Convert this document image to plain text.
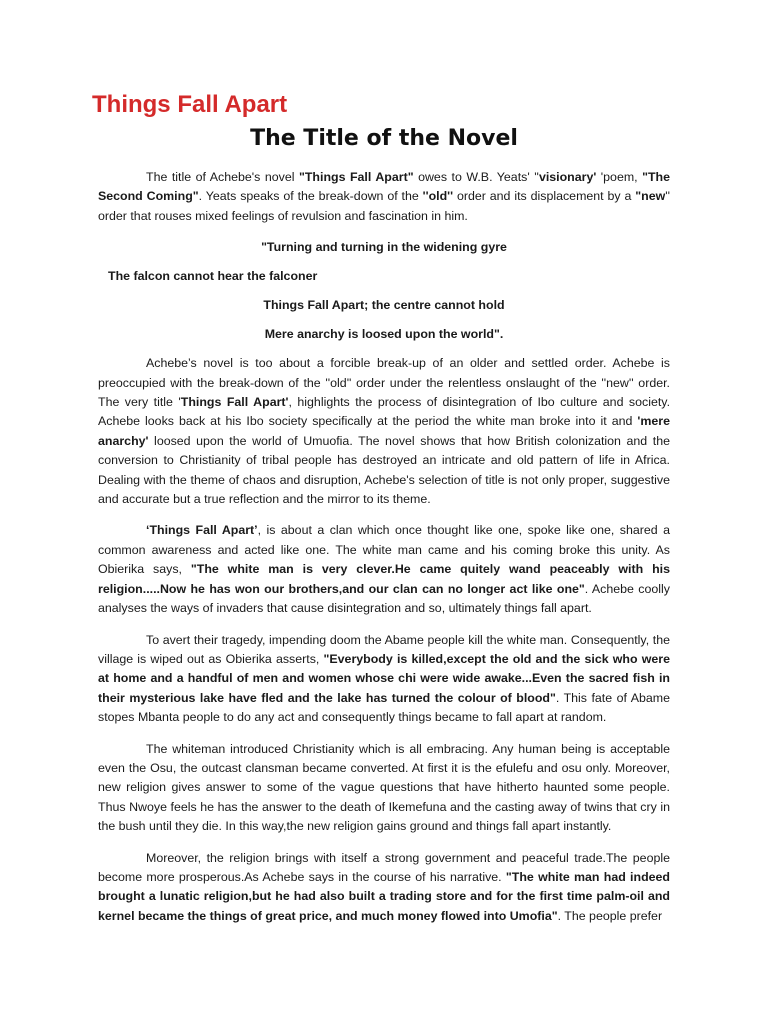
Things Fall Apart
The Title of the Novel

The title of Achebe's novel "Things Fall Apart" owes to W.B. Yeats' ''visionary' 'poem, "The Second Coming". Yeats speaks of the break-down of the ''old'' order and its displacement by a "new'' order that rouses mixed feelings of revulsion and fascination in him.

"Turning and turning in the widening gyre
The falcon cannot hear the falconer
Things Fall Apart; the centre cannot hold
Mere anarchy is loosed upon the world".

Achebe’s novel is too about a forcible break-up of an older and settled order. Achebe is preoccupied with the break-down of the ''old'' order under the relentless onslaught of the ''new'' order. The very title 'Things Fall Apart', highlights the process of disintegration of Ibo culture and society. Achebe looks back at his Ibo society specifically at the period the white man broke into it and 'mere anarchy' loosed upon the world of Umuofia. The novel shows that how British colonization and the conversion to Christianity of tribal people has destroyed an intricate and old pattern of life in Africa. Dealing with the theme of chaos and disruption, Achebe's selection of title is not only proper, suggestive and accurate but a true reflection and the mirror to its theme.

‘Things Fall Apart’, is about a clan which once thought like one, spoke like one, shared a common awareness and acted like one. The white man came and his coming broke this unity. As Obierika says, "The white man is very clever.He came quitely wand peaceably with his religion.....Now he has won our brothers,and our clan can no longer act like one". Achebe coolly analyses the ways of invaders that cause disintegration and so, ultimately things fall apart.

To avert their tragedy, impending doom the Abame people kill the white man. Consequently, the village is wiped out as Obierika asserts, "Everybody is killed,except the old and the sick who were at home and a handful of men and women whose chi were wide awake...Even the sacred fish in their mysterious lake have fled and the lake has turned the colour of blood". This fate of Abame stopes Mbanta people to do any act and consequently things became to fall apart at random.

The whiteman introduced Christianity which is all embracing. Any human being is acceptable even the Osu, the outcast clansman became converted. At first it is the efulefu and osu only. Moreover, new religion gives answer to some of the vague questions that have hitherto haunted some people. Thus Nwoye feels he has the answer to the death of Ikemefuna and the casting away of twins that cry in the bush until they die. In this way,the new religion gains ground and things fall apart instantly.

Moreover, the religion brings with itself a strong government and peaceful trade.The people become more prosperous.As Achebe says in the course of his narrative. "The white man had indeed brought a lunatic religion,but he had also built a trading store and for the first time palm-oil and kernel became the things of great price, and much money flowed into Umofia". The people prefer
